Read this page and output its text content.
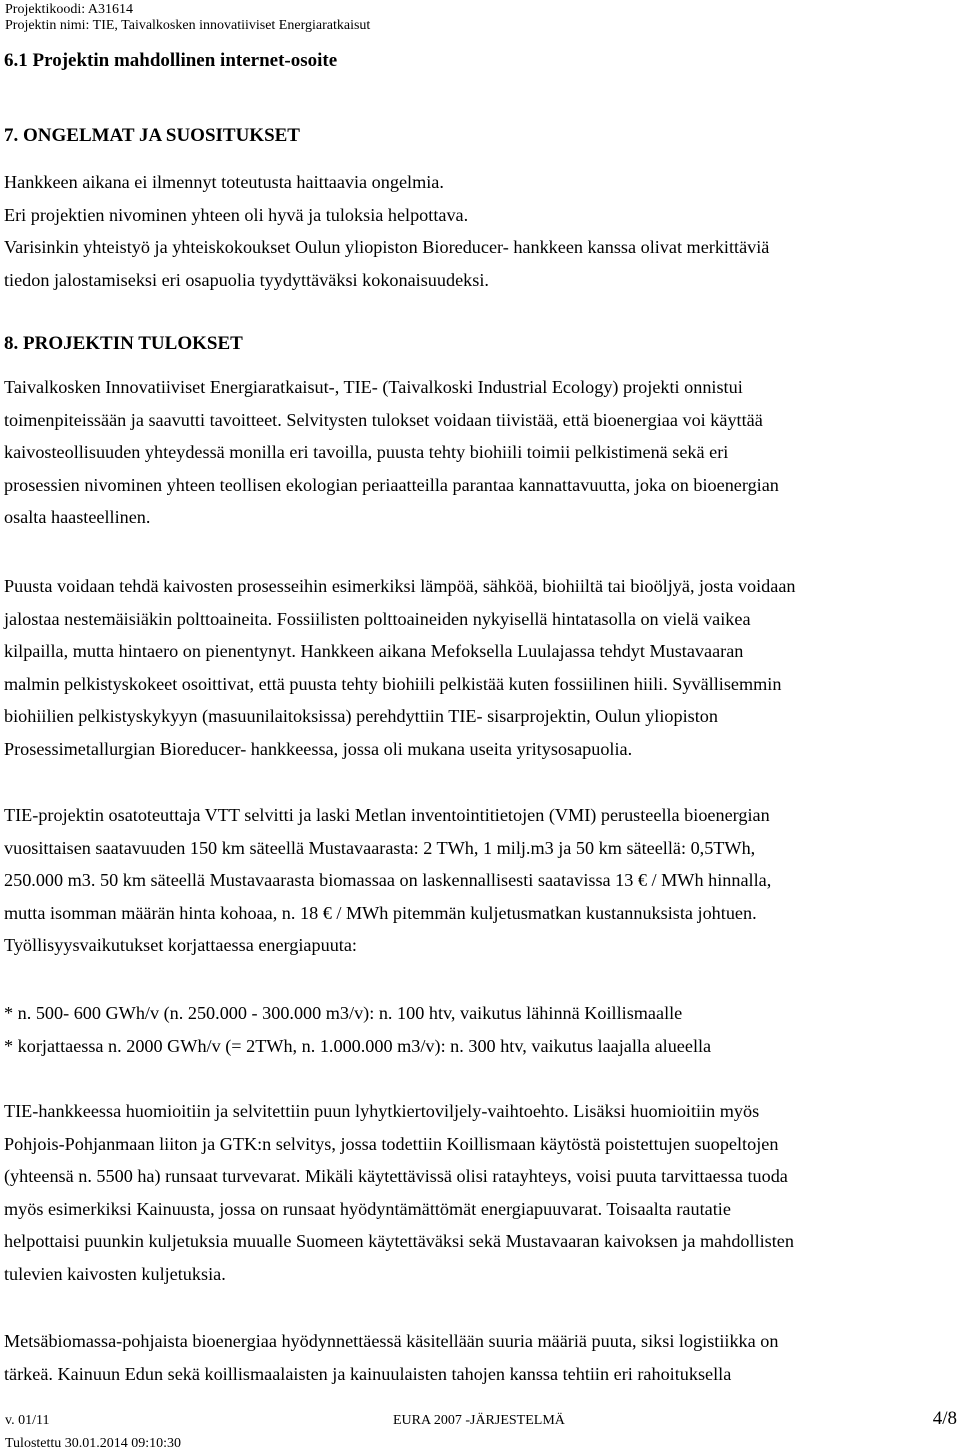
Projektikoodi: A31614
Projektin nimi: TIE, Taivalkosken innovatiiviset Energiaratkaisut
6.1 Projektin mahdollinen internet-osoite
7. ONGELMAT JA SUOSITUKSET
Hankkeen aikana ei ilmennyt toteutusta haittaavia ongelmia.
Eri projektien nivominen yhteen oli hyvä ja tuloksia helpottava.
Varisinkin yhteistyö ja yhteiskokoukset Oulun yliopiston Bioreducer- hankkeen kanssa olivat merkittäviä
tiedon jalostamiseksi eri osapuolia tyydyttäväksi kokonaisuudeksi.
8. PROJEKTIN TULOKSET
Taivalkosken Innovatiiviset Energiaratkaisut-, TIE- (Taivalkoski Industrial Ecology) projekti onnistui
toimenpiteissään ja saavutti tavoitteet. Selvitysten tulokset voidaan tiivistää, että bioenergiaa voi käyttää
kaivosteollisuuden yhteydessä monilla eri tavoilla, puusta tehty biohiili toimii pelkistimenä sekä eri
prosessien nivominen yhteen teollisen ekologian periaatteilla parantaa kannattavuutta, joka on bioenergian
osalta haasteellinen.
Puusta voidaan tehdä kaivosten prosesseihin esimerkiksi lämpöä, sähköä, biohiiltä tai bioöljyä, josta voidaan
jalostaa nestemäisiäkin polttoaineita. Fossiilisten polttoaineiden nykyisellä hintatasolla on vielä vaikea
kilpailla, mutta hintaero on pienentynyt. Hankkeen aikana Mefoksella Luulajassa tehdyt Mustavaaran
malmin pelkistyskokeet osoittivat, että puusta tehty biohiili pelkistää kuten fossiilinen hiili. Syvällisemmin
biohiilien pelkistyskykyyn (masuunilaitoksissa) perehdyttiin TIE- sisarprojektin, Oulun yliopiston
Prosessimetallurgian Bioreducer- hankkeessa, jossa oli mukana useita yritysosapuolia.
TIE-projektin osatoteuttaja VTT selvitti ja laski Metlan inventointitietojen (VMI) perusteella bioenergian
vuosittaisen saatavuuden 150 km säteellä Mustavaarasta: 2 TWh, 1 milj.m3 ja 50 km säteellä: 0,5TWh,
250.000 m3. 50 km säteellä Mustavaarasta biomassaa on laskennallisesti saatavissa 13 € / MWh hinnalla,
mutta isomman määrän hinta kohoaa, n. 18 € / MWh pitemmän kuljetusmatkan kustannuksista johtuen.
Työllisyysvaikutukset korjattaessa energiapuuta:
* n. 500- 600 GWh/v (n. 250.000 - 300.000 m3/v): n. 100 htv, vaikutus lähinnä Koillismaalle
* korjattaessa n. 2000 GWh/v (= 2TWh, n. 1.000.000 m3/v): n. 300 htv, vaikutus laajalla alueella
TIE-hankkeessa huomioitiin ja selvitettiin puun lyhytkiertoviljely-vaihtoehto. Lisäksi huomioitiin myös
Pohjois-Pohjanmaan liiton ja GTK:n selvitys, jossa todettiin Koillismaan käytöstä poistettujen suopeltojen
(yhteensä n. 5500 ha) runsaat turvevarat. Mikäli käytettävissä olisi ratayhteys, voisi puuta tarvittaessa tuoda
myös esimerkiksi Kainuusta, jossa on runsaat hyödyntämättömät energiapuuvarat. Toisaalta rautatie
helpottaisi puunkin kuljetuksia muualle Suomeen käytettäväksi sekä Mustavaaran kaivoksen ja mahdollisten
tulevien kaivosten kuljetuksia.
Metsäbiomassa-pohjaista bioenergiaa hyödynnettäessä käsitellään suuria määriä puuta, siksi logistiikka on
tärkeä. Kainuun Edun sekä koillismaalaisten ja kainuulaisten tahojen kanssa tehtiin eri rahoituksella
v. 01/11	EURA 2007 -JÄRJESTELMÄ	4/8
Tulostettu 30.01.2014 09:10:30
